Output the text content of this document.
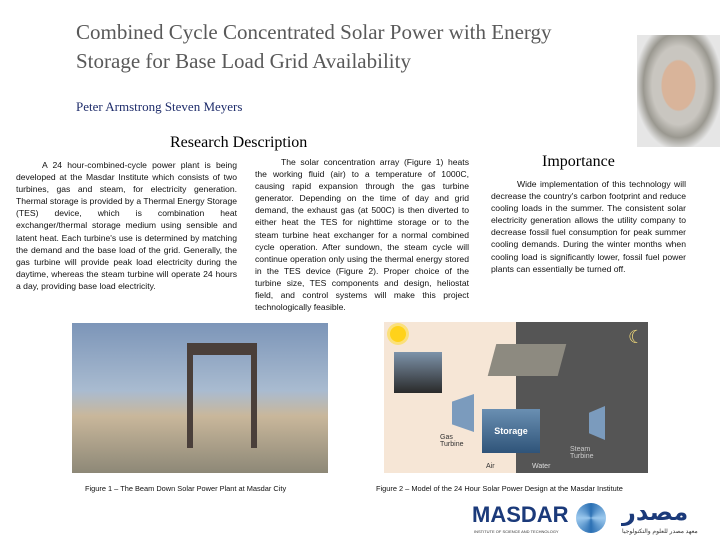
Combined Cycle Concentrated Solar Power with Energy Storage for Base Load Grid Availability
Peter Armstrong Steven Meyers
Research Description
Importance

A 24 hour-combined-cycle power plant is being developed at the Masdar Institute which consists of two turbines, gas and steam, for electricity generation. Thermal storage is provided by a Thermal Energy Storage (TES) device, which is combination heat exchanger/thermal storage medium using sensible and latent heat. Each turbine's use is determined by matching the demand and the base load of the grid. Generally, the gas turbine will provide peak load electricity during the daytime, whereas the steam turbine will operate 24 hours a day, providing base load electricity.

The solar concentration array (Figure 1) heats the working fluid (air) to a temperature of 1000C, causing rapid expansion through the gas turbine generator. Depending on the time of day and grid demand, the exhaust gas (at 500C) is then diverted to either heat the TES for nighttime storage or to the steam turbine heat exchanger for a normal combined cycle operation. After sundown, the steam cycle will continue operation only using the thermal energy stored in the TES device (Figure 2). Proper choice of the turbine size, TES components and design, heliostat field, and control systems will make this project technologically feasible.

Wide implementation of this technology will decrease the country's carbon footprint and reduce cooling loads in the summer. The consistent solar electricity generation allows the utility company to decrease fossil fuel consumption for peak summer cooling demands. During the winter months when cooling load is significantly lower, fossil fuel power plants can essentially be turned off.

☾
Storage
Gas Turbine
Steam Turbine
Air	Water
Figure 1 – The Beam Down Solar Power Plant at Masdar City	Figure 2 – Model of the 24 Hour Solar Power Design at the Masdar Institute
MASDAR
INSTITUTE OF SCIENCE AND TECHNOLOGY
مصدر
معهد مصدر للعلوم والتكنولوجيا
